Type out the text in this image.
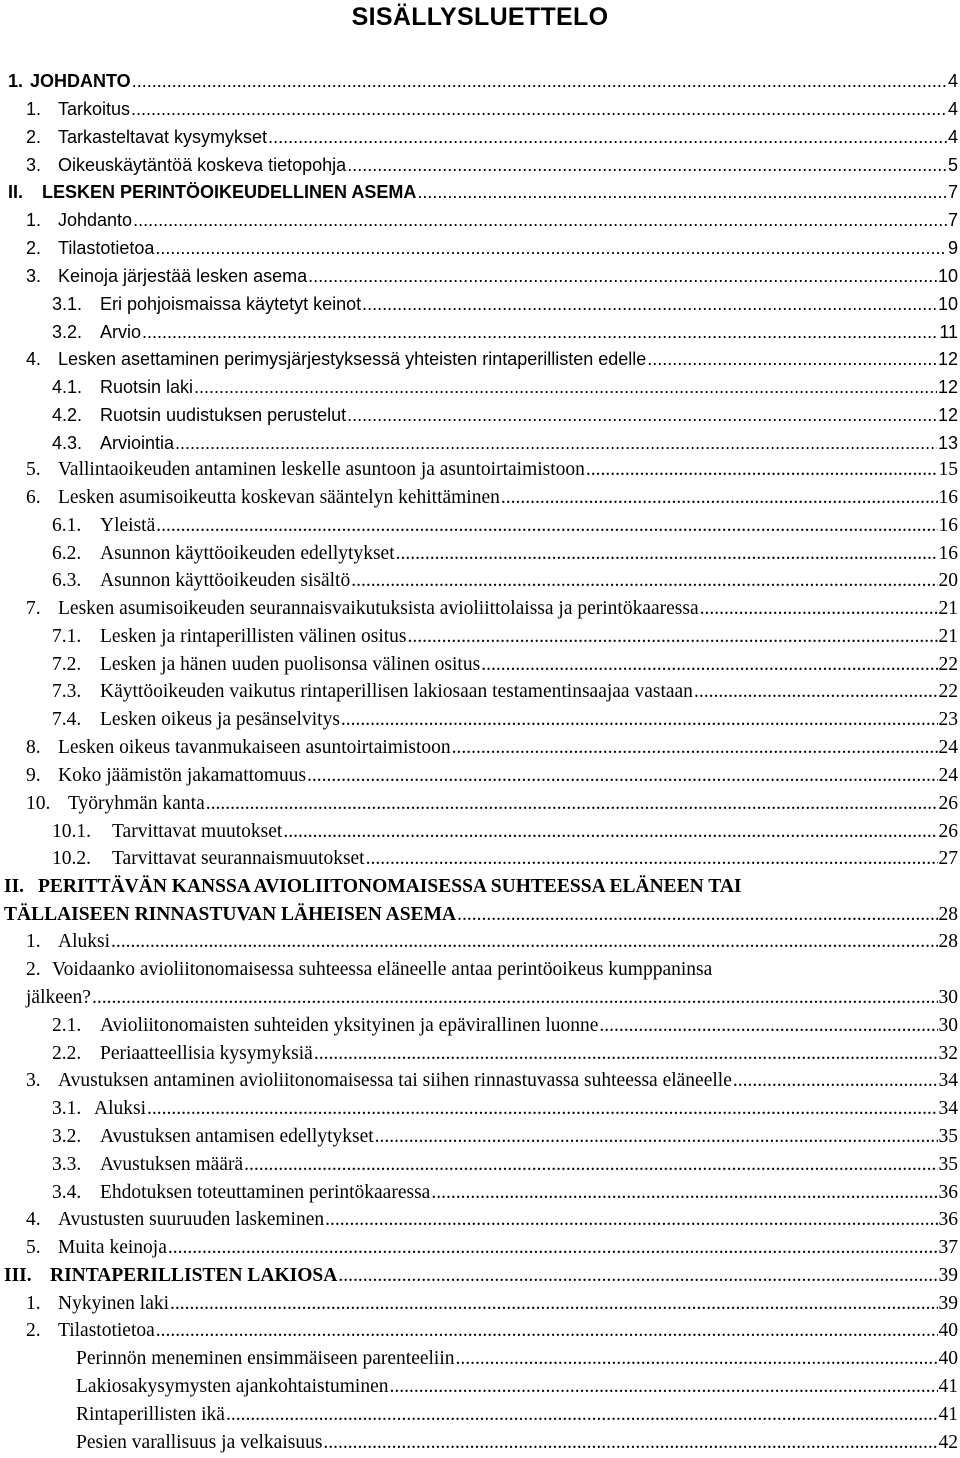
SISÄLLYSLUETTELO
1. JOHDANTO .....	4
1. Tarkoitus .....	4
2. Tarkasteltavat kysymykset .....	4
3. Oikeuskäytäntöä koskeva tietopohja .....	5
II.	LESKEN PERINTÖOIKEUDELLINEN ASEMA .....	7
1. Johdanto .....	7
2. Tilastotietoa .....	9
3. Keinoja järjestää lesken asema .....	10
3.1. Eri pohjoismaissa käytetyt keinot .....	10
3.2. Arvio .....	11
4. Lesken asettaminen perimysjärjestyksessä yhteisten rintaperillisten edelle .....	12
4.1. Ruotsin laki .....	12
4.2. Ruotsin uudistuksen perustelut .....	12
4.3. Arviointia .....	13
5. Vallintaoikeuden antaminen leskelle asuntoon ja asuntoirtaimistoon .....	15
6. Lesken asumisoikeutta koskevan sääntelyn kehittäminen .....	16
6.1. Yleistä .....	16
6.2. Asunnon käyttöoikeuden edellytykset .....	16
6.3. Asunnon käyttöoikeuden sisältö .....	20
7. Lesken asumisoikeuden seurannaisvaikutuksista avioliittolaissa ja perintökaaressa .....	21
7.1. Lesken ja rintaperillisten välinen ositus .....	21
7.2. Lesken ja hänen uuden puolisonsa välinen ositus .....	22
7.3. Käyttöoikeuden vaikutus rintaperillisen lakiosaan testamentinsaajaa vastaan .....	22
7.4. Lesken oikeus ja pesänselvitys .....	23
8. Lesken oikeus tavanmukaiseen asuntoirtaimistoon .....	24
9. Koko jäämistön jakamattomuus .....	24
10. Työryhmän kanta .....	26
10.1.	Tarvittavat muutokset .....	26
10.2.	Tarvittavat seurannaismuutokset .....	27
II. PERITTÄVÄN KANSSA AVIOLIITONOMAISESSA SUHTEESSA ELÄNEEN TAI
TÄLLAISEEN RINNASTUVAN LÄHEISEN ASEMA .....	28
1. Aluksi .....	28
2. Voidaanko avioliitonomaisessa suhteessa eläneelle antaa perintöoikeus kumppaninsa
jälkeen? .....	30
2.1. Avioliitonomaisten suhteiden yksityinen ja epävirallinen luonne .....	30
2.2. Periaatteellisia kysymyksiä .....	32
3. Avustuksen antaminen avioliitonomaisessa tai siihen rinnastuvassa suhteessa eläneelle .....	34
3.1. Aluksi .....	34
3.2. Avustuksen antamisen edellytykset .....	35
3.3. Avustuksen määrä .....	35
3.4. Ehdotuksen toteuttaminen perintökaaressa .....	36
4. Avustusten suuruuden laskeminen .....	36
5. Muita keinoja .....	37
III. RINTAPERILLISTEN LAKIOSA .....	39
1. Nykyinen laki .....	39
2. Tilastotietoa .....	40
Perinnön meneminen ensimmäiseen parenteeliin .....	40
Lakiosakysymysten ajankohtaistuminen .....	41
Rintaperillisten ikä .....	41
Pesien varallisuus ja velkaisuus .....	42
